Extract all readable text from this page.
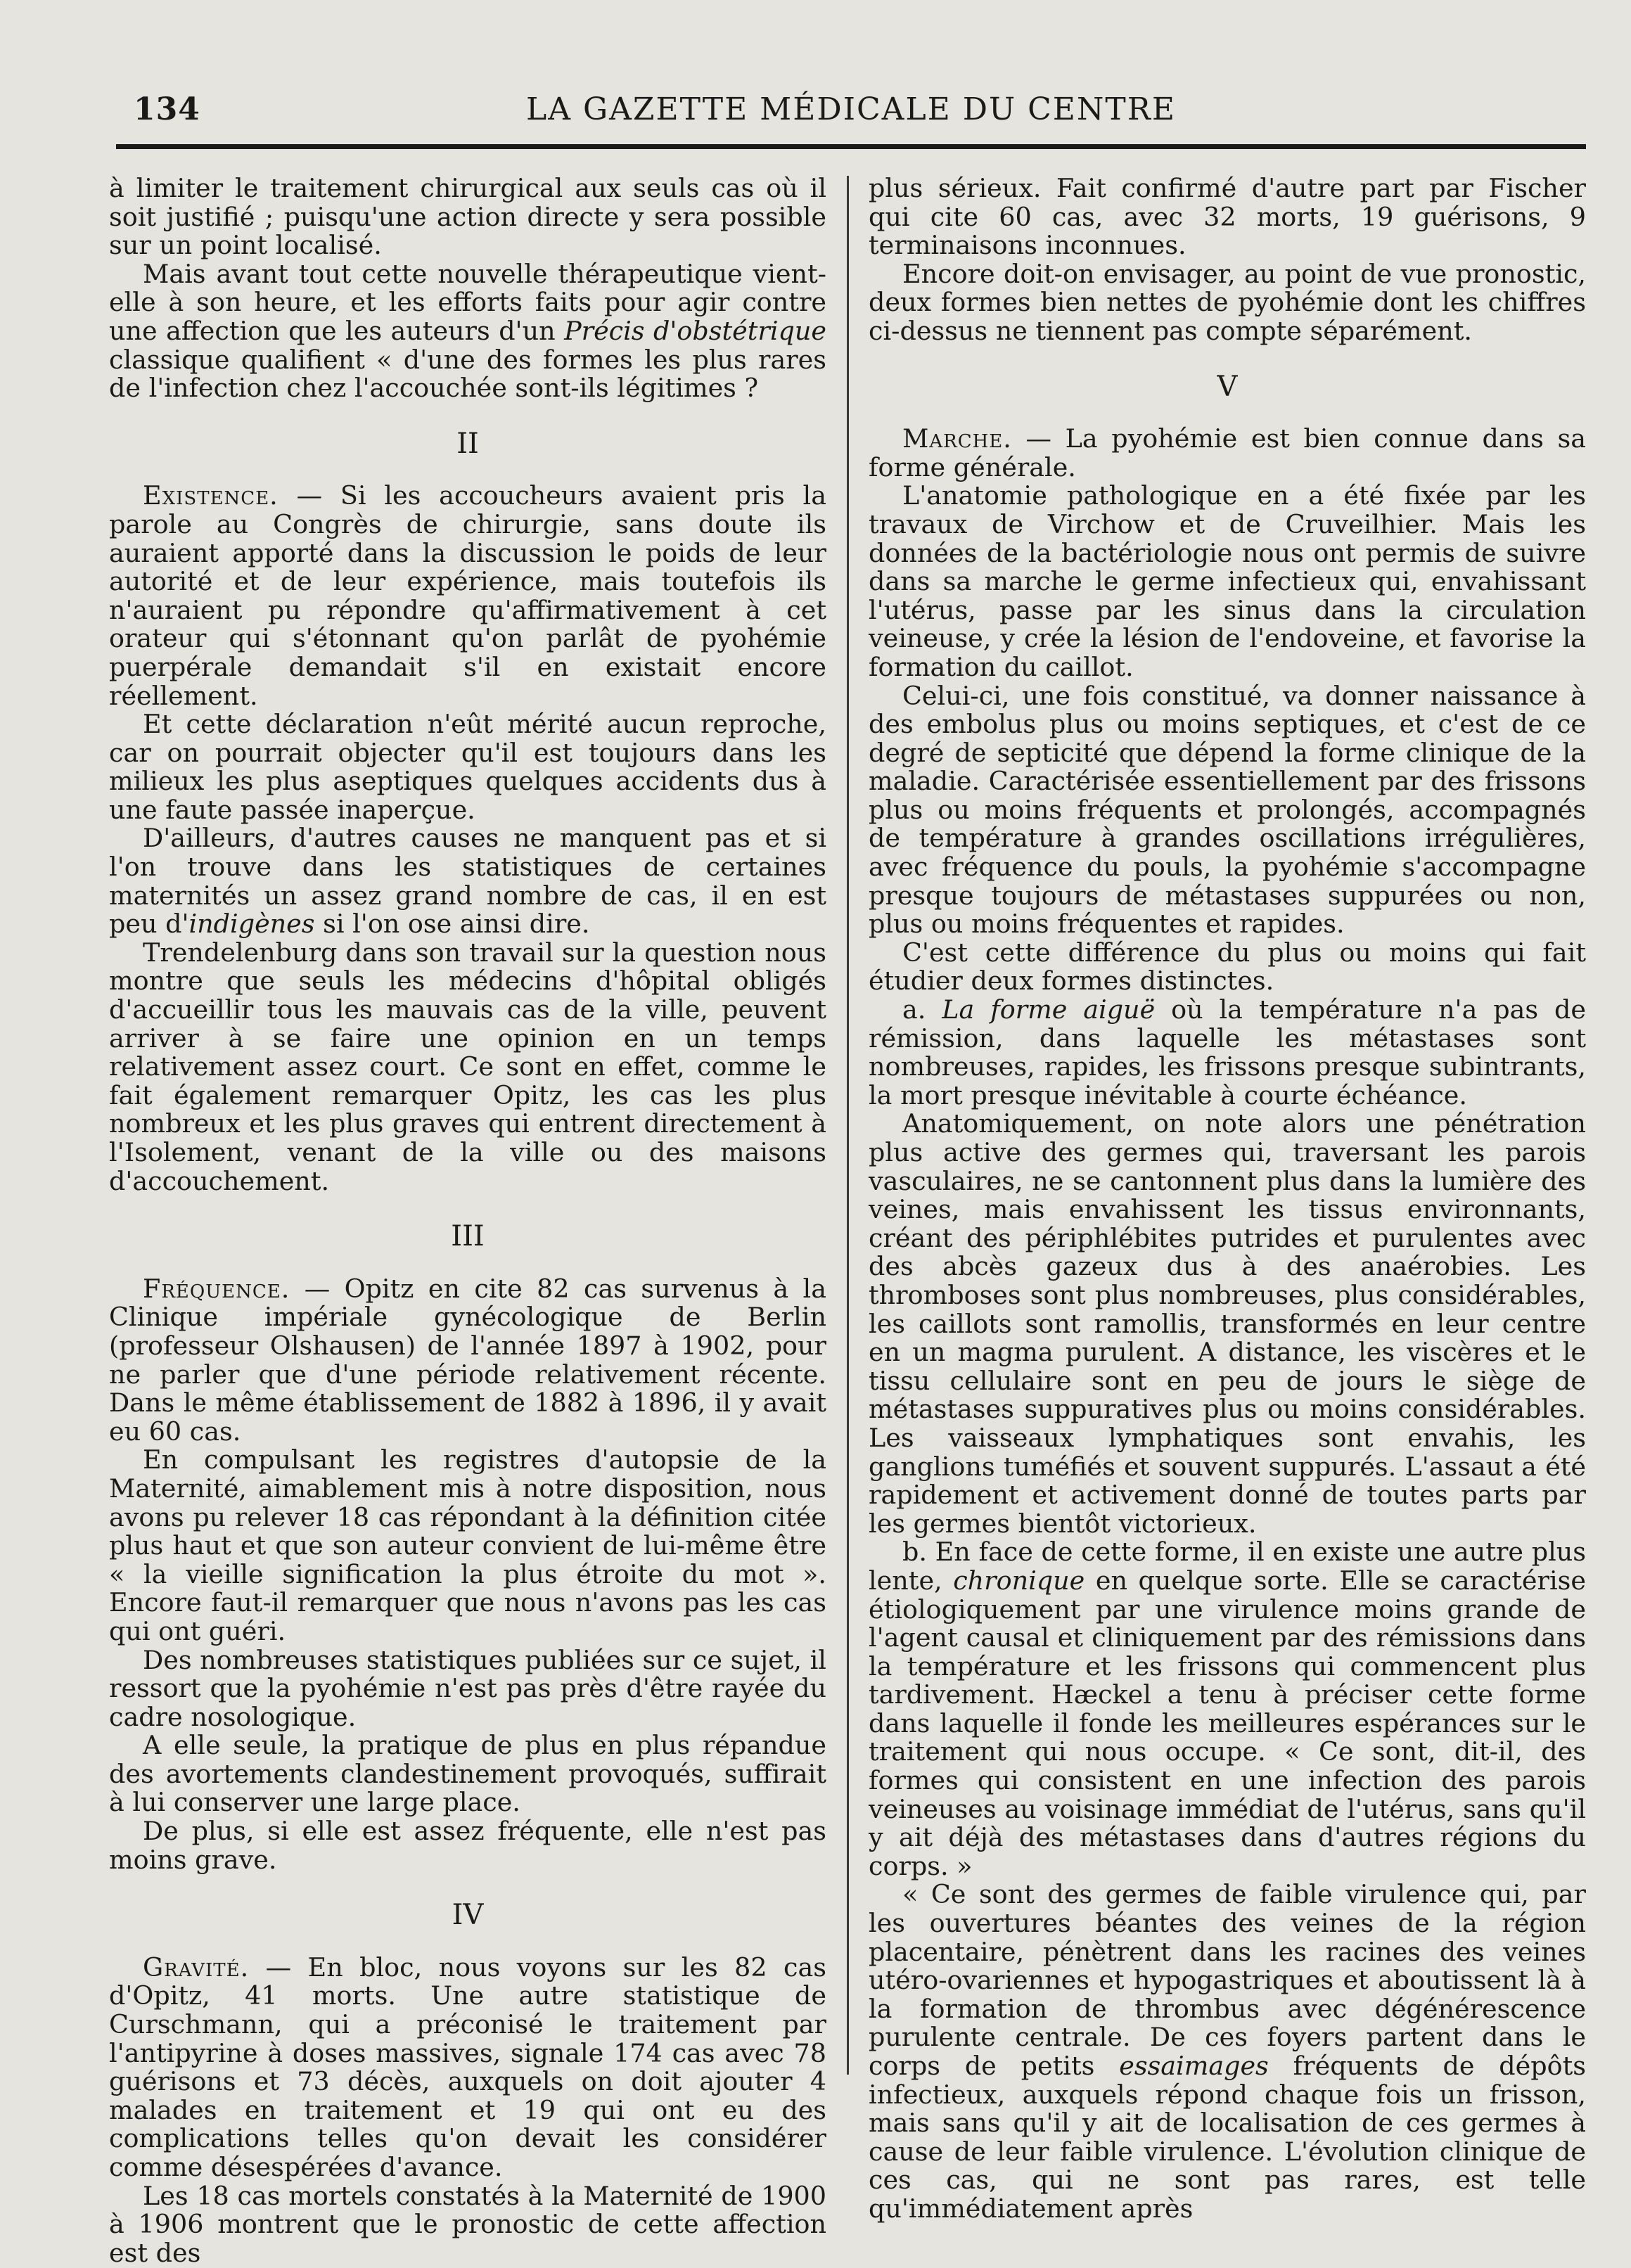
134	LA GAZETTE MÉDICALE DU CENTRE

à limiter le traitement chirurgical aux seuls cas où il soit justifié ; puisqu'une action directe y sera possible sur un point localisé.

Mais avant tout cette nouvelle thérapeutique vient-elle à son heure, et les efforts faits pour agir contre une affection que les auteurs d'un Précis d'obstétrique classique qualifient « d'une des formes les plus rares de l'infection chez l'accouchée sont-ils légitimes ?

II

Existence. — Si les accoucheurs avaient pris la parole au Congrès de chirurgie, sans doute ils auraient apporté dans la discussion le poids de leur autorité et de leur expérience, mais toutefois ils n'auraient pu répondre qu'affirmativement à cet orateur qui s'étonnant qu'on parlât de pyohémie puerpérale demandait s'il en existait encore réellement.

Et cette déclaration n'eût mérité aucun reproche, car on pourrait objecter qu'il est toujours dans les milieux les plus aseptiques quelques accidents dus à une faute passée inaperçue.

D'ailleurs, d'autres causes ne manquent pas et si l'on trouve dans les statistiques de certaines maternités un assez grand nombre de cas, il en est peu d'indigènes si l'on ose ainsi dire.

Trendelenburg dans son travail sur la question nous montre que seuls les médecins d'hôpital obligés d'accueillir tous les mauvais cas de la ville, peuvent arriver à se faire une opinion en un temps relativement assez court. Ce sont en effet, comme le fait également remarquer Opitz, les cas les plus nombreux et les plus graves qui entrent directement à l'Isolement, venant de la ville ou des maisons d'accouchement.

III

Fréquence. — Opitz en cite 82 cas survenus à la Clinique impériale gynécologique de Berlin (professeur Olshausen) de l'année 1897 à 1902, pour ne parler que d'une période relativement récente. Dans le même établissement de 1882 à 1896, il y avait eu 60 cas.

En compulsant les registres d'autopsie de la Maternité, aimablement mis à notre disposition, nous avons pu relever 18 cas répondant à la définition citée plus haut et que son auteur convient de lui-même être « la vieille signification la plus étroite du mot ». Encore faut-il remarquer que nous n'avons pas les cas qui ont guéri.

Des nombreuses statistiques publiées sur ce sujet, il ressort que la pyohémie n'est pas près d'être rayée du cadre nosologique.

A elle seule, la pratique de plus en plus répandue des avortements clandestinement provoqués, suffirait à lui conserver une large place.

De plus, si elle est assez fréquente, elle n'est pas moins grave.

IV

Gravité. — En bloc, nous voyons sur les 82 cas d'Opitz, 41 morts. Une autre statistique de Curschmann, qui a préconisé le traitement par l'antipyrine à doses massives, signale 174 cas avec 78 guérisons et 73 décès, auxquels on doit ajouter 4 malades en traitement et 19 qui ont eu des complications telles qu'on devait les considérer comme désespérées d'avance.

Les 18 cas mortels constatés à la Maternité de 1900 à 1906 montrent que le pronostic de cette affection est des

plus sérieux. Fait confirmé d'autre part par Fischer qui cite 60 cas, avec 32 morts, 19 guérisons, 9 terminaisons inconnues.

Encore doit-on envisager, au point de vue pronostic, deux formes bien nettes de pyohémie dont les chiffres ci-dessus ne tiennent pas compte séparément.

V

Marche. — La pyohémie est bien connue dans sa forme générale.

L'anatomie pathologique en a été fixée par les travaux de Virchow et de Cruveilhier. Mais les données de la bactériologie nous ont permis de suivre dans sa marche le germe infectieux qui, envahissant l'utérus, passe par les sinus dans la circulation veineuse, y crée la lésion de l'endoveine, et favorise la formation du caillot.

Celui-ci, une fois constitué, va donner naissance à des embolus plus ou moins septiques, et c'est de ce degré de septicité que dépend la forme clinique de la maladie. Caractérisée essentiellement par des frissons plus ou moins fréquents et prolongés, accompagnés de température à grandes oscillations irrégulières, avec fréquence du pouls, la pyohémie s'accompagne presque toujours de métastases suppurées ou non, plus ou moins fréquentes et rapides.

C'est cette différence du plus ou moins qui fait étudier deux formes distinctes.

a. La forme aiguë où la température n'a pas de rémission, dans laquelle les métastases sont nombreuses, rapides, les frissons presque subintrants, la mort presque inévitable à courte échéance.

Anatomiquement, on note alors une pénétration plus active des germes qui, traversant les parois vasculaires, ne se cantonnent plus dans la lumière des veines, mais envahissent les tissus environnants, créant des périphlébites putrides et purulentes avec des abcès gazeux dus à des anaérobies. Les thromboses sont plus nombreuses, plus considérables, les caillots sont ramollis, transformés en leur centre en un magma purulent. A distance, les viscères et le tissu cellulaire sont en peu de jours le siège de métastases suppuratives plus ou moins considérables. Les vaisseaux lymphatiques sont envahis, les ganglions tuméfiés et souvent suppurés. L'assaut a été rapidement et activement donné de toutes parts par les germes bientôt victorieux.

b. En face de cette forme, il en existe une autre plus lente, chronique en quelque sorte. Elle se caractérise étiologiquement par une virulence moins grande de l'agent causal et cliniquement par des rémissions dans la température et les frissons qui commencent plus tardivement. Hæckel a tenu à préciser cette forme dans laquelle il fonde les meilleures espérances sur le traitement qui nous occupe. « Ce sont, dit-il, des formes qui consistent en une infection des parois veineuses au voisinage immédiat de l'utérus, sans qu'il y ait déjà des métastases dans d'autres régions du corps. »

« Ce sont des germes de faible virulence qui, par les ouvertures béantes des veines de la région placentaire, pénètrent dans les racines des veines utéro-ovariennes et hypogastriques et aboutissent là à la formation de thrombus avec dégénérescence purulente centrale. De ces foyers partent dans le corps de petits essaimages fréquents de dépôts infectieux, auxquels répond chaque fois un frisson, mais sans qu'il y ait de localisation de ces germes à cause de leur faible virulence. L'évolution clinique de ces cas, qui ne sont pas rares, est telle qu'immédiatement après
